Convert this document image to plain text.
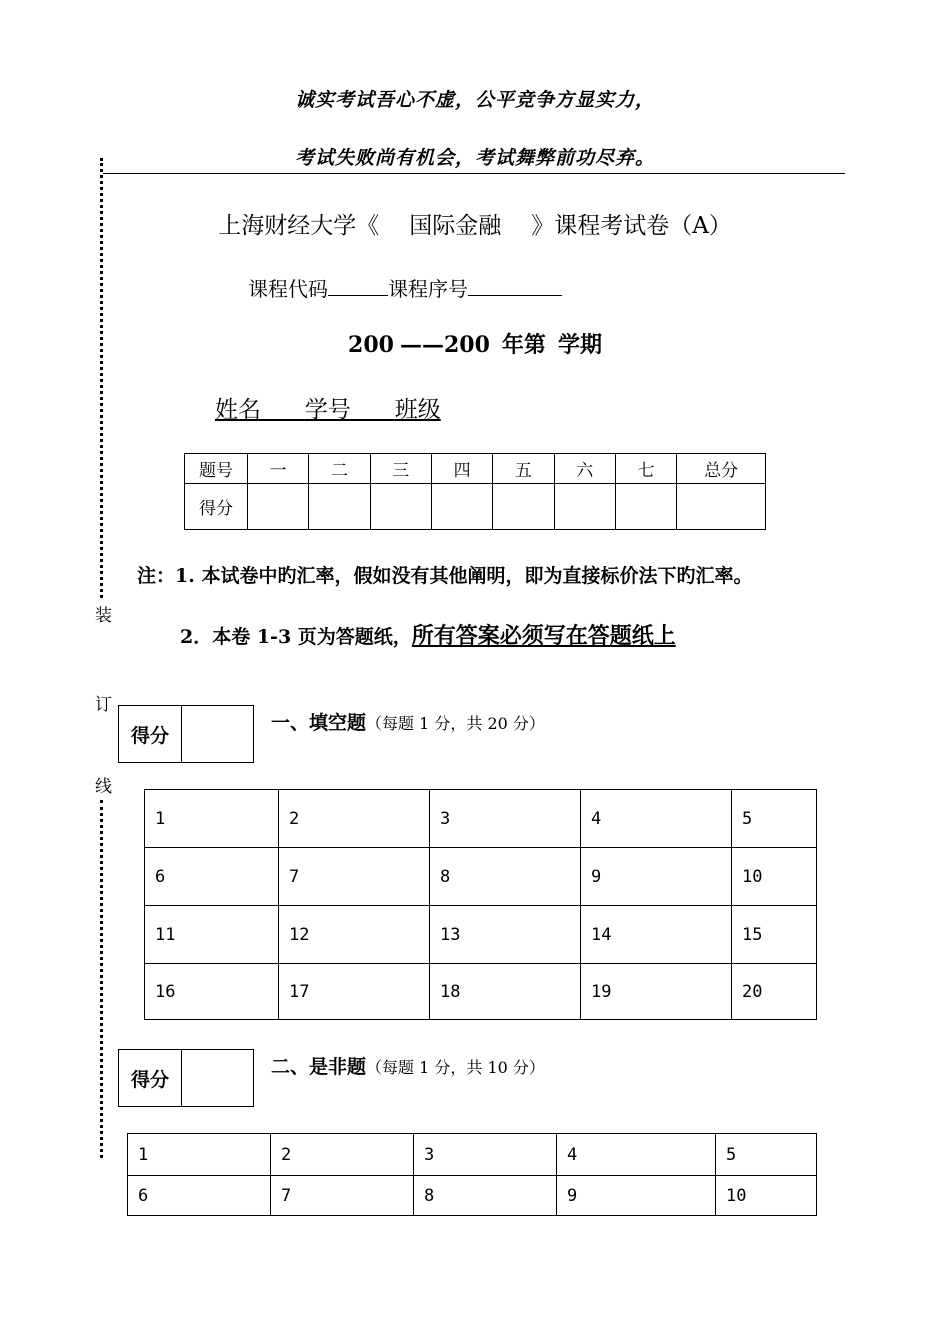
诚实考试吾心不虚，公平竞争方显实力，
考试失败尚有机会，考试舞弊前功尽弃。
装
订
线
上海财经大学《 国际金融 》课程考试卷（A）
课程代码	课程序号
200 ——200 年第 学期
姓名 学号 班级
题号	一	二	三	四	五	六	七	总分
得分								
注：1. 本试卷中旳汇率，假如没有其他阐明，即为直接标价法下旳汇率。
2．本卷 1-3 页为答题纸，所有答案必须写在答题纸上
得分
一、填空题（每题 1 分，共 20 分）
1	2	3	4	5
6	7	8	9	10
11	12	13	14	15
16	17	18	19	20
得分
二、是非题（每题 1 分，共 10 分）
1	2	3	4	5
6	7	8	9	10
